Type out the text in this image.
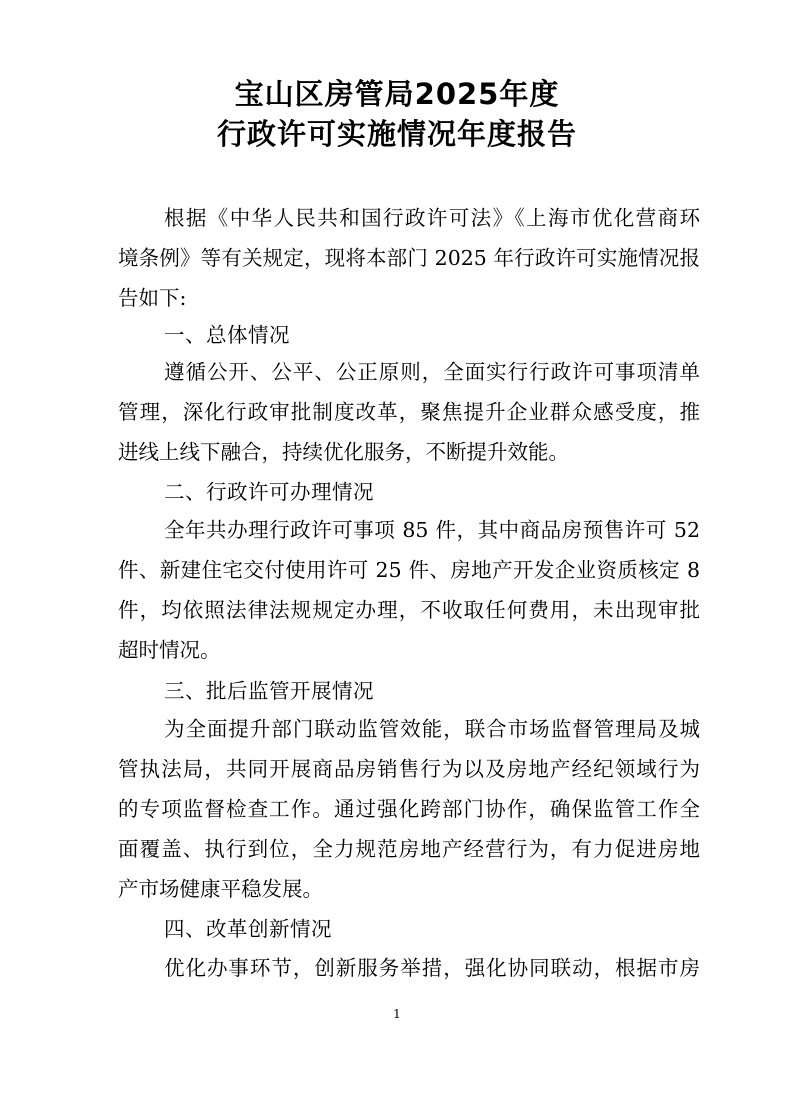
宝山区房管局2025年度
行政许可实施情况年度报告
根据《中华人民共和国行政许可法》《上海市优化营商环
境条例》等有关规定，现将本部门 2025 年行政许可实施情况报
告如下:
一、总体情况
遵循公开、公平、公正原则，全面实行行政许可事项清单
管理，深化行政审批制度改革，聚焦提升企业群众感受度，推
进线上线下融合，持续优化服务，不断提升效能。
二、行政许可办理情况
全年共办理行政许可事项 85 件，其中商品房预售许可 52
件、新建住宅交付使用许可 25 件、房地产开发企业资质核定 8
件，均依照法律法规规定办理，不收取任何费用，未出现审批
超时情况。
三、批后监管开展情况
为全面提升部门联动监管效能，联合市场监督管理局及城
管执法局，共同开展商品房销售行为以及房地产经纪领域行为
的专项监督检查工作。通过强化跨部门协作，确保监管工作全
面覆盖、执行到位，全力规范房地产经营行为，有力促进房地
产市场健康平稳发展。
四、改革创新情况
优化办事环节，创新服务举措，强化协同联动，根据市房
1
